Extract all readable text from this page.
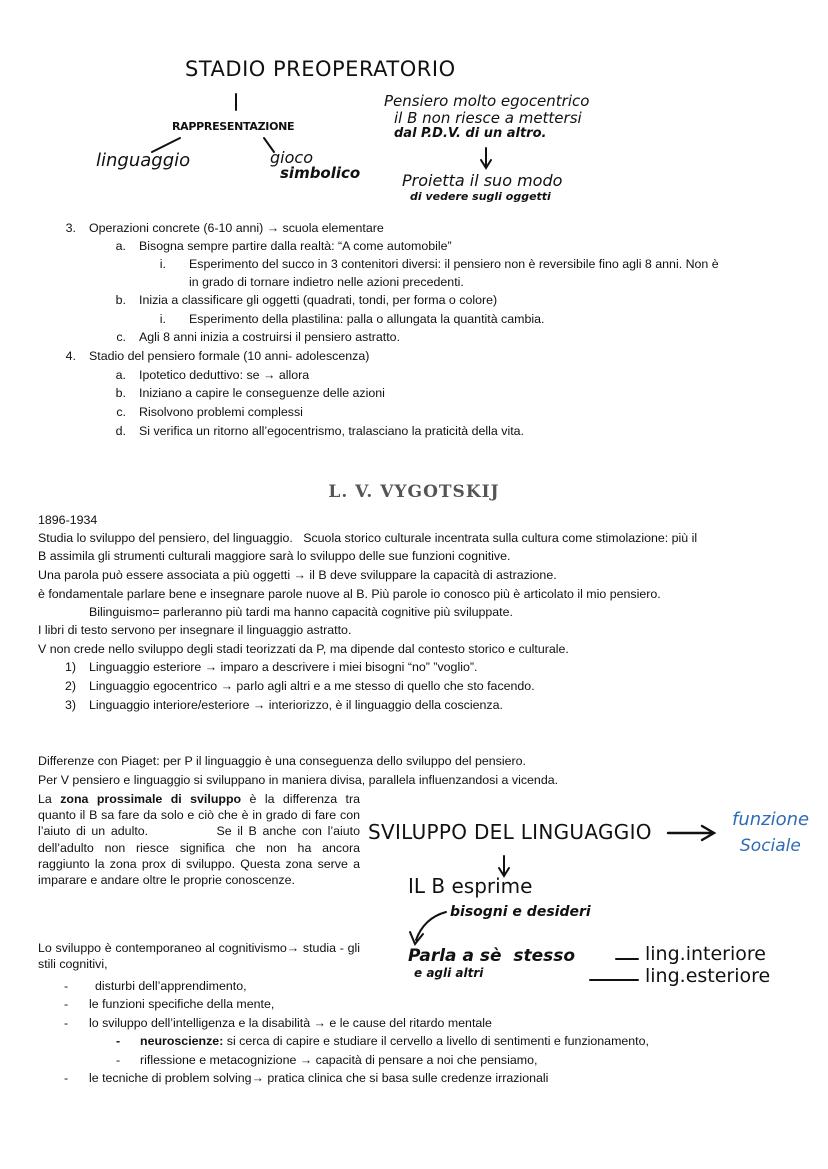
STADIO PREOPERATORIO
RAPPRESENTAZIONE
linguaggio	gioco
simbolico
Pensiero molto egocentrico
il B non riesce a mettersi
dal P.D.V. di un altro.
Proietta il suo modo
di vedere sugli oggetti
3. Operazioni concrete (6-10 anni) → scuola elementare
a. Bisogna sempre partire dalla realtà: “A come automobile”
i. Esperimento del succo in 3 contenitori diversi: il pensiero non è reversibile fino agli 8 anni. Non è
in grado di tornare indietro nelle azioni precedenti.
b. Inizia a classificare gli oggetti (quadrati, tondi, per forma o colore)
i. Esperimento della plastilina: palla o allungata la quantità cambia.
c. Agli 8 anni inizia a costruirsi il pensiero astratto.
4. Stadio del pensiero formale (10 anni- adolescenza)
a. Ipotetico deduttivo: se → allora
b. Iniziano a capire le conseguenze delle azioni
c. Risolvono problemi complessi
d. Si verifica un ritorno all’egocentrismo, tralasciano la praticità della vita.
L. V. VYGOTSKIJ
1896-1934
Studia lo sviluppo del pensiero, del linguaggio.   Scuola storico culturale incentrata sulla cultura come stimolazione: più il
B assimila gli strumenti culturali maggiore sarà lo sviluppo delle sue funzioni cognitive.
Una parola può essere associata a più oggetti → il B deve sviluppare la capacità di astrazione.
è fondamentale parlare bene e insegnare parole nuove al B. Più parole io conosco più è articolato il mio pensiero.
Bilinguismo= parleranno più tardi ma hanno capacità cognitive più sviluppate.
I libri di testo servono per insegnare il linguaggio astratto.
V non crede nello sviluppo degli stadi teorizzati da P, ma dipende dal contesto storico e culturale.
1) Linguaggio esteriore → imparo a descrivere i miei bisogni “no” ”voglio”.
2) Linguaggio egocentrico → parlo agli altri e a me stesso di quello che sto facendo.
3) Linguaggio interiore/esteriore → interiorizzo, è il linguaggio della coscienza.
Differenze con Piaget: per P il linguaggio è una conseguenza dello sviluppo del pensiero.
Per V pensiero e linguaggio si sviluppano in maniera divisa, parallela influenzandosi a vicenda.
La zona prossimale di sviluppo è la differenza tra quanto il B sa fare da solo e ciò che è in grado di fare con l’aiuto di un adulto.            Se il B anche con l’aiuto dell’adulto non riesce significa che non ha ancora raggiunto la zona prox di sviluppo. Questa zona serve a imparare e andare oltre le proprie conoscenze.
Lo sviluppo è contemporaneo al cognitivismo→ studia - gli stili cognitivi,
- disturbi dell’apprendimento,
- le funzioni specifiche della mente,
- lo sviluppo dell’intelligenza e la disabilità → e le cause del ritardo mentale
- neuroscienze: si cerca di capire e studiare il cervello a livello di sentimenti e funzionamento,
- riflessione e metacognizione → capacità di pensare a noi che pensiamo,
- le tecniche di problem solving→ pratica clinica che si basa sulle credenze irrazionali
SVILUPPO DEL LINGUAGGIO
funzione
Sociale
IL B esprime
bisogni e desideri
Parla a sè  stesso
e agli altri
ling.interiore
ling.esteriore
